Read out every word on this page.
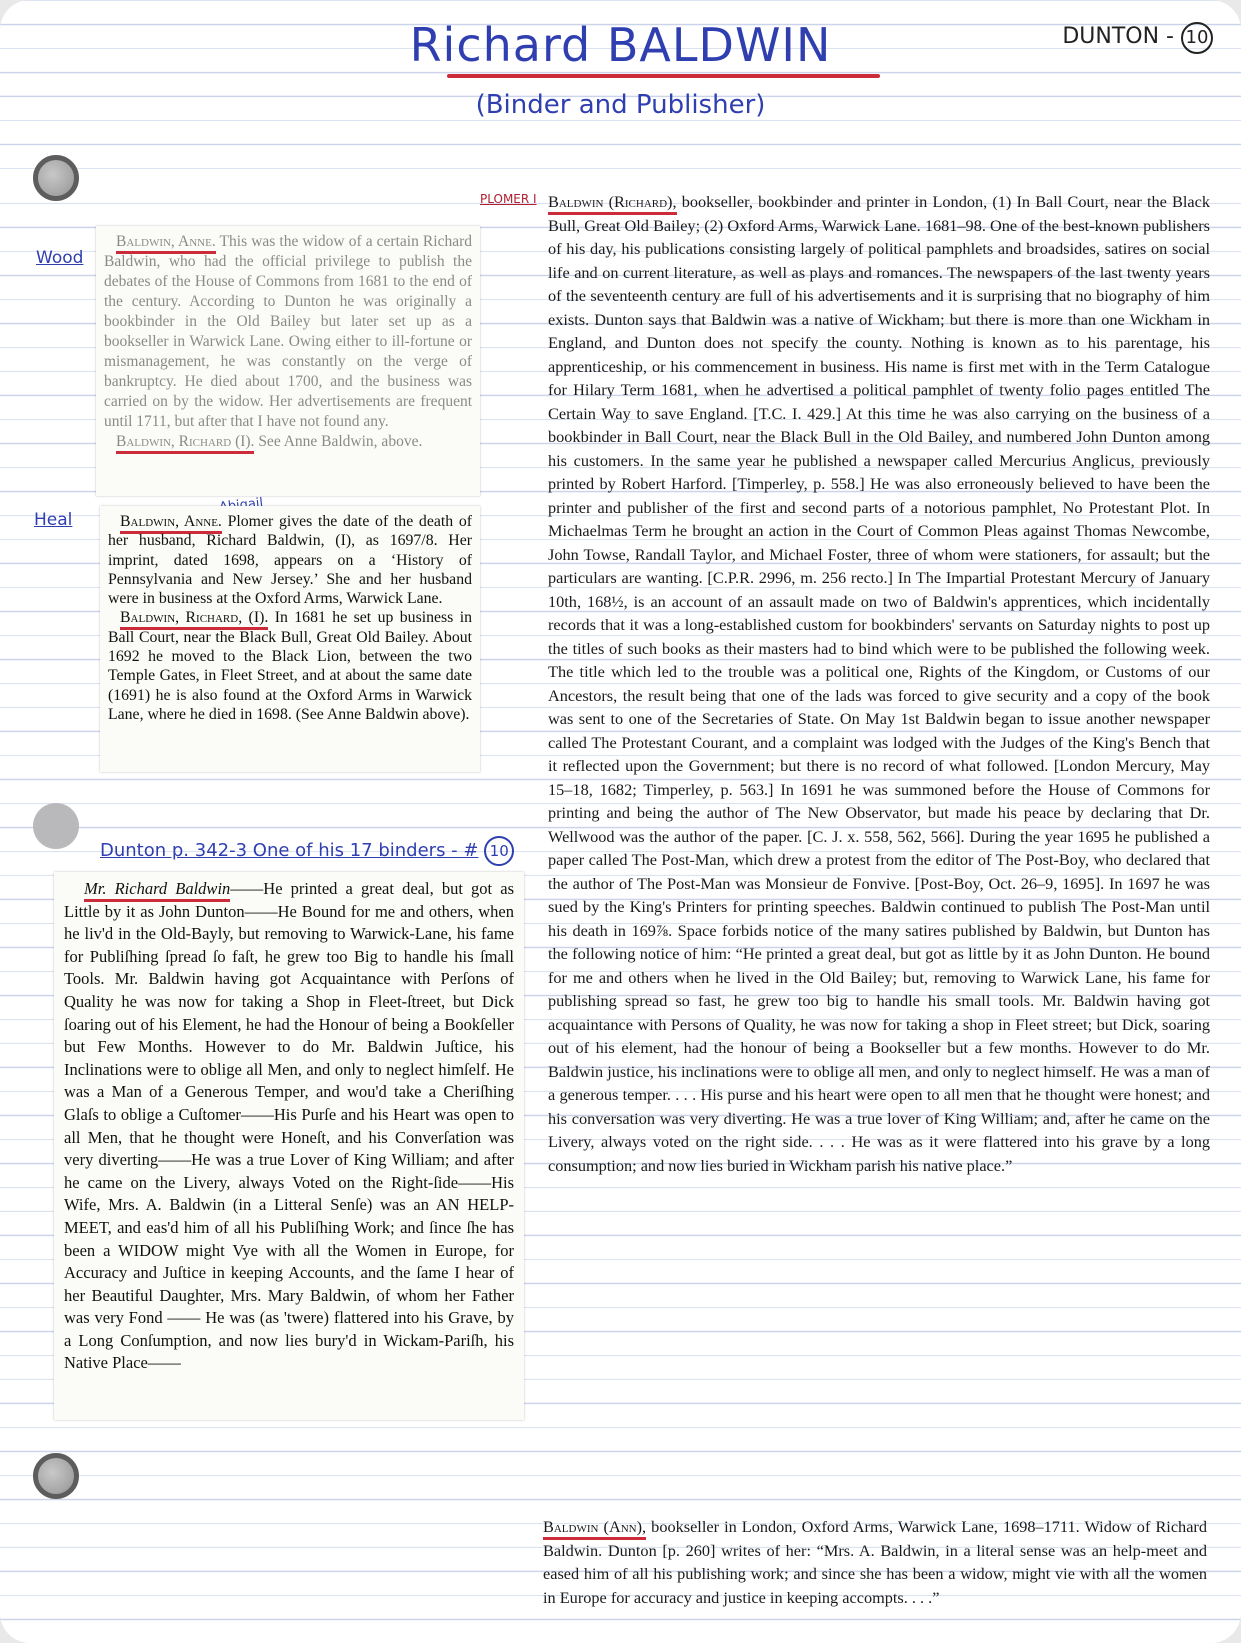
Richard BALDWIN
(Binder and Publisher)
DUNTON - 10
Wood
Heal
PLOMER I
Dunton p. 342-3 One of his 17 binders - # 10

Baldwin, Anne. This was the widow of a certain Richard Baldwin, who had the official privilege to publish the debates of the House of Commons from 1681 to the end of the century. According to Dunton he was originally a bookbinder in the Old Bailey but later set up as a bookseller in Warwick Lane. Owing either to ill-fortune or mismanagement, he was constantly on the verge of bankruptcy. He died about 1700, and the business was carried on by the widow. Her advertisements are frequent until 1711, but after that I have not found any.

Baldwin, Richard (I). See Anne Baldwin, above.

Baldwin, Anne. Plomer gives the date of the death of her husband, Richard Baldwin, (I), as 1697/8. Her imprint, dated 1698, appears on a ‘History of Pennsylvania and New Jersey.’ She and her husband were in business at the Oxford Arms, Warwick Lane.

Baldwin, Richard, (I). In 1681 he set up business in Ball Court, near the Black Bull, Great Old Bailey. About 1692 he moved to the Black Lion, between the two Temple Gates, in Fleet Street, and at about the same date (1691) he is also found at the Oxford Arms in Warwick Lane, where he died in 1698. (See Anne Baldwin above).

Mr. Richard Baldwin——He printed a great deal, but got as Little by it as John Dunton——He Bound for me and others, when he liv'd in the Old-Bayly, but removing to Warwick-Lane, his fame for Publiſhing ſpread ſo faſt, he grew too Big to handle his ſmall Tools. Mr. Baldwin having got Acquaintance with Perſons of Quality he was now for taking a Shop in Fleet-ſtreet, but Dick ſoaring out of his Element, he had the Honour of being a Bookſeller but Few Months. However to do Mr. Baldwin Juſtice, his Inclinations were to oblige all Men, and only to neglect himſelf. He was a Man of a Generous Temper, and wou'd take a Cheriſhing Glaſs to oblige a Cuſtomer——His Purſe and his Heart was open to all Men, that he thought were Honeſt, and his Converſation was very diverting——He was a true Lover of King William; and after he came on the Livery, always Voted on the Right-ſide——His Wife, Mrs. A. Baldwin (in a Litteral Senſe) was an AN HELP-MEET, and eas'd him of all his Publiſhing Work; and ſince ſhe has been a WIDOW might Vye with all the Women in Europe, for Accuracy and Juſtice in keeping Accounts, and the ſame I hear of her Beautiful Daughter, Mrs. Mary Baldwin, of whom her Father was very Fond —— He was (as 'twere) flattered into his Grave, by a Long Conſumption, and now lies bury'd in Wickam-Pariſh, his Native Place——

Baldwin (Richard), bookseller, bookbinder and printer in London, (1) In Ball Court, near the Black Bull, Great Old Bailey; (2) Oxford Arms, Warwick Lane. 1681–98. One of the best-known publishers of his day, his publications consisting largely of political pamphlets and broadsides, satires on social life and on current literature, as well as plays and romances. The newspapers of the last twenty years of the seventeenth century are full of his advertisements and it is surprising that no biography of him exists. Dunton says that Baldwin was a native of Wickham; but there is more than one Wickham in England, and Dunton does not specify the county. Nothing is known as to his parentage, his apprenticeship, or his commencement in business. His name is first met with in the Term Catalogue for Hilary Term 1681, when he advertised a political pamphlet of twenty folio pages entitled The Certain Way to save England. [T.C. I. 429.] At this time he was also carrying on the business of a bookbinder in Ball Court, near the Black Bull in the Old Bailey, and numbered John Dunton among his customers. In the same year he published a newspaper called Mercurius Anglicus, previously printed by Robert Harford. [Timperley, p. 558.] He was also erroneously believed to have been the printer and publisher of the first and second parts of a notorious pamphlet, No Protestant Plot. In Michaelmas Term he brought an action in the Court of Common Pleas against Thomas Newcombe, John Towse, Randall Taylor, and Michael Foster, three of whom were stationers, for assault; but the particulars are wanting. [C.P.R. 2996, m. 256 recto.] In The Impartial Protestant Mercury of January 10th, 168½, is an account of an assault made on two of Baldwin's apprentices, which incidentally records that it was a long-established custom for bookbinders' servants on Saturday nights to post up the titles of such books as their masters had to bind which were to be published the following week. The title which led to the trouble was a political one, Rights of the Kingdom, or Customs of our Ancestors, the result being that one of the lads was forced to give security and a copy of the book was sent to one of the Secretaries of State. On May 1st Baldwin began to issue another newspaper called The Protestant Courant, and a complaint was lodged with the Judges of the King's Bench that it reflected upon the Government; but there is no record of what followed. [London Mercury, May 15–18, 1682; Timperley, p. 563.] In 1691 he was summoned before the House of Commons for printing and being the author of The New Observator, but made his peace by declaring that Dr. Wellwood was the author of the paper. [C. J. x. 558, 562, 566]. During the year 1695 he published a paper called The Post-Man, which drew a protest from the editor of The Post-Boy, who declared that the author of The Post-Man was Monsieur de Fonvive. [Post-Boy, Oct. 26–9, 1695]. In 1697 he was sued by the King's Printers for printing speeches. Baldwin continued to publish The Post-Man until his death in 169⅞. Space forbids notice of the many satires published by Baldwin, but Dunton has the following notice of him: “He printed a great deal, but got as little by it as John Dunton. He bound for me and others when he lived in the Old Bailey; but, removing to Warwick Lane, his fame for publishing spread so fast, he grew too big to handle his small tools. Mr. Baldwin having got acquaintance with Persons of Quality, he was now for taking a shop in Fleet street; but Dick, soaring out of his element, had the honour of being a Bookseller but a few months. However to do Mr. Baldwin justice, his inclinations were to oblige all men, and only to neglect himself. He was a man of a generous temper. . . . His purse and his heart were open to all men that he thought were honest; and his conversation was very diverting. He was a true lover of King William; and, after he came on the Livery, always voted on the right side. . . . He was as it were flattered into his grave by a long consumption; and now lies buried in Wickham parish his native place.”

Baldwin (Ann), bookseller in London, Oxford Arms, Warwick Lane, 1698–1711. Widow of Richard Baldwin. Dunton [p. 260] writes of her: “Mrs. A. Baldwin, in a literal sense was an help-meet and eased him of all his publishing work; and since she has been a widow, might vie with all the women in Europe for accuracy and justice in keeping accompts. . . .”
